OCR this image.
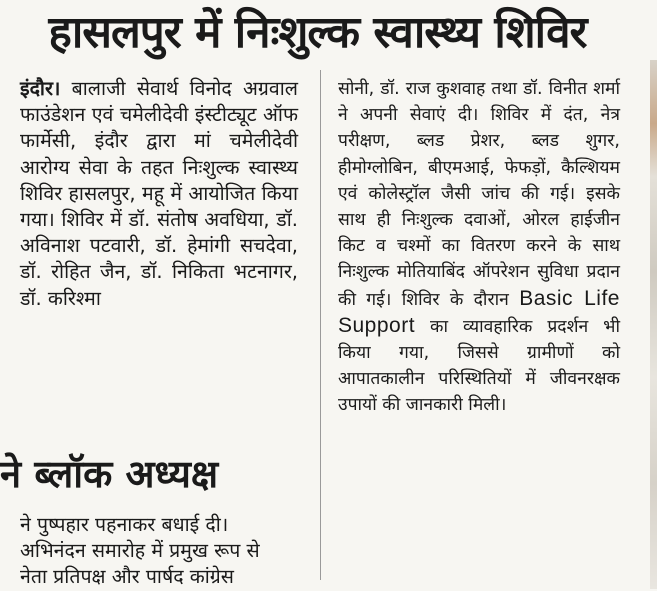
हासलपुर में निःशुल्क स्वास्थ्य शिविर

इंदौर। बालाजी सेवार्थ विनोद अग्रवाल फाउंडेशन एवं चमेलीदेवी इंस्टीट्यूट ऑफ फार्मेसी, इंदौर द्वारा मां चमेलीदेवी आरोग्य सेवा के तहत निःशुल्क स्वास्थ्य शिविर हासलपुर, महू में आयोजित किया गया। शिविर में डॉ. संतोष अवधिया, डॉ. अविनाश पटवारी, डॉ. हेमांगी सचदेवा, डॉ. रोहित जैन, डॉ. निकिता भटनागर, डॉ. करिश्मा

सोनी, डॉ. राज कुशवाह तथा डॉ. विनीत शर्मा ने अपनी सेवाएं दी। शिविर में दंत, नेत्र परीक्षण, ब्लड प्रेशर, ब्लड शुगर, हीमोग्लोबिन, बीएमआई, फेफड़ों, कैल्शियम एवं कोलेस्ट्रॉल जैसी जांच की गई। इसके साथ ही निःशुल्क दवाओं, ओरल हाईजीन किट व चश्मों का वितरण करने के साथ निःशुल्क मोतियाबिंद ऑपरेशन सुविधा प्रदान की गई। शिविर के दौरान Basic Life Support का व्यावहारिक प्रदर्शन भी किया गया, जिससे ग्रामीणों को आपातकालीन परिस्थितियों में जीवनरक्षक उपायों की जानकारी मिली।

ने ब्लॉक अध्यक्ष

ने पुष्पहार पहनाकर बधाई दी।

अभिनंदन समारोह में प्रमुख रूप से

नेता प्रतिपक्ष और पार्षद कांग्रेस
